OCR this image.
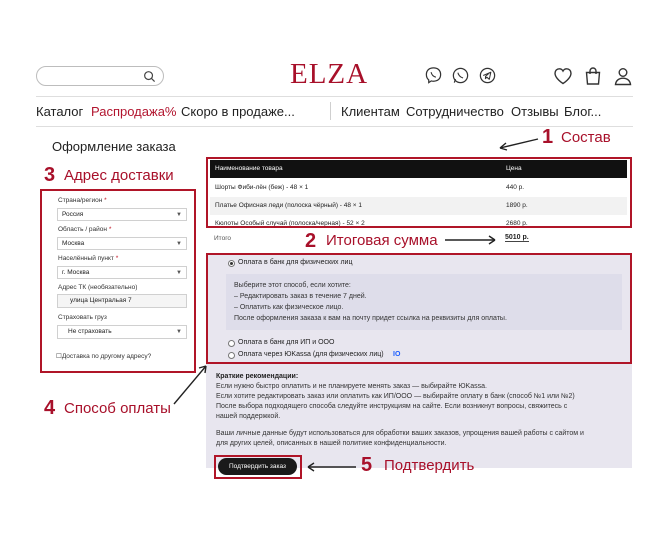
ELZA
Каталог Распродажа% Скоро в продаже...	Клиентам Сотрудничество Отзывы Блог...
Оформление заказа
Страна/регион *
Россия	▼
Область / район *
Москва	▼
Населённый пункт *
г. Москва	▼
Адрес ТК (необязательно)
улица Центральая 7
Страховать груз
Не страховать	▼
☐Доставка по другому адресу?
Наименование товара	Цена
Шорты Фиби-лён (беж) - 48 × 1	440 р.
Платье Офисная леди (полоска чёрный) - 48 × 1	1890 р.
Кюлоты Особый случай (полоска/черная) - 52 × 2	2680 р.
Итого	5010 р.
Оплата в банк для физических лиц
Выберите этот способ, если хотите:
– Редактировать заказ в течение 7 дней.
– Оплатить как физическое лицо.
После оформления заказа к вам на почту придет ссылка на реквизиты для оплаты.
Оплата в банк для ИП и ООО
Оплата через ЮKassa (для физических лиц) IO
Краткие рекомендации:
Если нужно быстро оплатить и не планируете менять заказ — выбирайте ЮKassa.
Если хотите редактировать заказ или оплатить как ИП/ООО — выбирайте оплату в банк (способ №1 или №2)
После выбора подходящего способа следуйте инструкциям на сайте. Если возникнут вопросы, свяжитесь с
нашей поддержкой.
Ваши личные данные будут использоваться для обработки ваших заказов, упрощения вашей работы с сайтом и
для других целей, описанных в нашей политике конфиденциальности.
Подтвердить заказ
1 Состав
2 Итоговая сумма
3 Адрес доставки
4 Способ оплаты
5 Подтвердить
